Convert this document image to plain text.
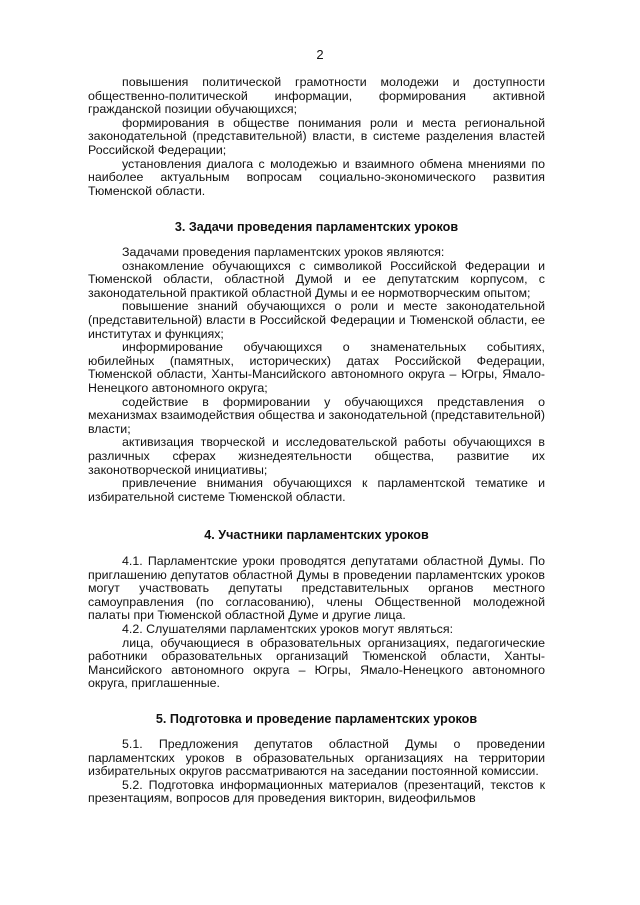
2

повышения политической грамотности молодежи и доступности общественно-политической информации, формирования активной гражданской позиции обучающихся;

формирования в обществе понимания роли и места региональной законодательной (представительной) власти, в системе разделения властей Российской Федерации;

установления диалога с молодежью и взаимного обмена мнениями по наиболее актуальным вопросам социально-экономического развития Тюменской области.

3. Задачи проведения парламентских уроков

Задачами проведения парламентских уроков являются:

ознакомление обучающихся с символикой Российской Федерации и Тюменской области, областной Думой и ее депутатским корпусом, с законодательной практикой областной Думы и ее нормотворческим опытом;

повышение знаний обучающихся о роли и месте законодательной (представительной) власти в Российской Федерации и Тюменской области, ее институтах и функциях;

информирование обучающихся о знаменательных событиях, юбилейных (памятных, исторических) датах Российской Федерации, Тюменской области, Ханты-Мансийского автономного округа – Югры, Ямало-Ненецкого автономного округа;

содействие в формировании у обучающихся представления о механизмах взаимодействия общества и законодательной (представительной) власти;

активизация творческой и исследовательской работы обучающихся в различных сферах жизнедеятельности общества, развитие их законотворческой инициативы;

привлечение внимания обучающихся к парламентской тематике и избирательной системе Тюменской области.

4. Участники парламентских уроков

4.1. Парламентские уроки проводятся депутатами областной Думы. По приглашению депутатов областной Думы в проведении парламентских уроков могут участвовать депутаты представительных органов местного самоуправления (по согласованию), члены Общественной молодежной палаты при Тюменской областной Думе и другие лица.

4.2. Слушателями парламентских уроков могут являться:

лица, обучающиеся в образовательных организациях, педагогические работники образовательных организаций Тюменской области, Ханты-Мансийского автономного округа – Югры, Ямало-Ненецкого автономного округа, приглашенные.

5. Подготовка и проведение парламентских уроков

5.1. Предложения депутатов областной Думы о проведении парламентских уроков в образовательных организациях на территории избирательных округов рассматриваются на заседании постоянной комиссии.

5.2. Подготовка информационных материалов (презентаций, текстов к презентациям, вопросов для проведения викторин, видеофильмов
